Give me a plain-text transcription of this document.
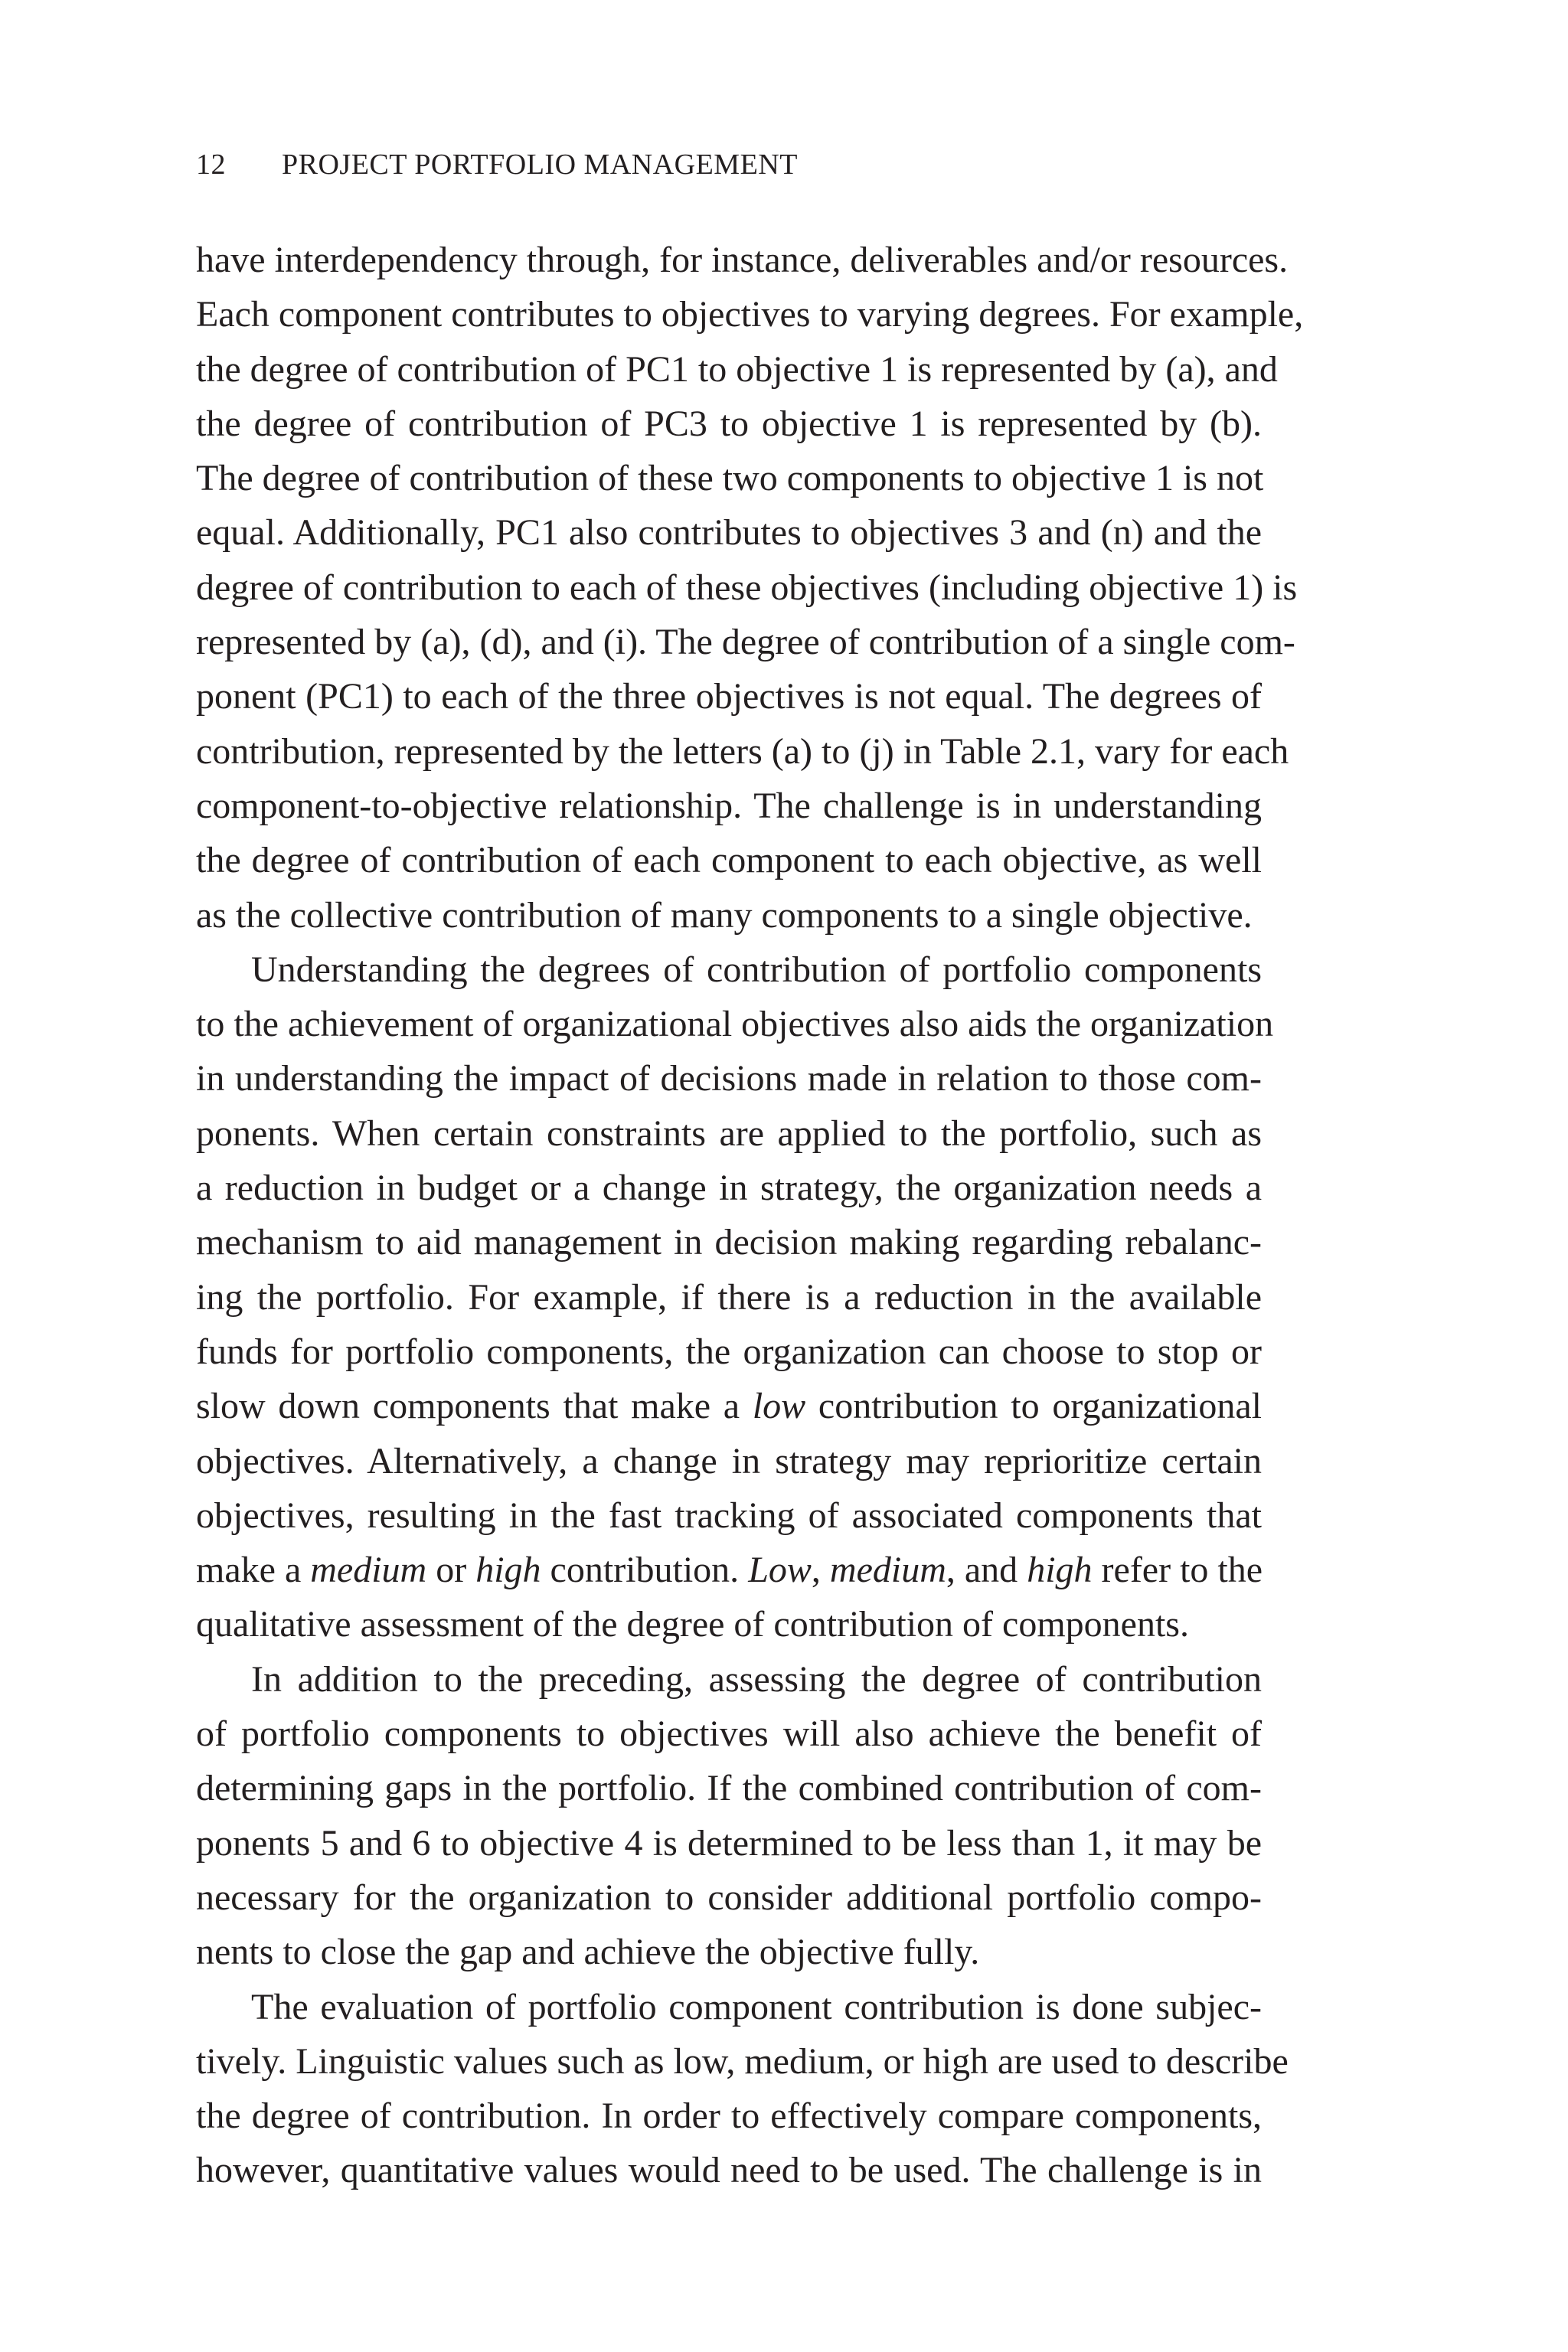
12 PROJECT PORTFOLIO MANAGEMENT
have interdependency through, for instance, deliverables and/or resources.
Each component contributes to objectives to varying degrees. For example,
the degree of contribution of PC1 to objective 1 is represented by (a), and
the degree of contribution of PC3 to objective 1 is represented by (b).
The degree of contribution of these two components to objective 1 is not
equal. Additionally, PC1 also contributes to objectives 3 and (n) and the
degree of contribution to each of these objectives (including objective 1) is
represented by (a), (d), and (i). The degree of contribution of a single com-
ponent (PC1) to each of the three objectives is not equal. The degrees of
contribution, represented by the letters (a) to (j) in Table 2.1, vary for each
component-to-objective relationship. The challenge is in understanding
the degree of contribution of each component to each objective, as well
as the collective contribution of many components to a single objective.
Understanding the degrees of contribution of portfolio components
to the achievement of organizational objectives also aids the organization
in understanding the impact of decisions made in relation to those com-
ponents. When certain constraints are applied to the portfolio, such as
a reduction in budget or a change in strategy, the organization needs a
mechanism to aid management in decision making regarding rebalanc-
ing the portfolio. For example, if there is a reduction in the available
funds for portfolio components, the organization can choose to stop or
slow down components that make a low contribution to organizational
objectives. Alternatively, a change in strategy may reprioritize certain
objectives, resulting in the fast tracking of associated components that
make a medium or high contribution. Low, medium, and high refer to the
qualitative assessment of the degree of contribution of components.
In addition to the preceding, assessing the degree of contribution
of portfolio components to objectives will also achieve the benefit of
determining gaps in the portfolio. If the combined contribution of com-
ponents 5 and 6 to objective 4 is determined to be less than 1, it may be
necessary for the organization to consider additional portfolio compo-
nents to close the gap and achieve the objective fully.
The evaluation of portfolio component contribution is done subjec-
tively. Linguistic values such as low, medium, or high are used to describe
the degree of contribution. In order to effectively compare components,
however, quantitative values would need to be used. The challenge is in
